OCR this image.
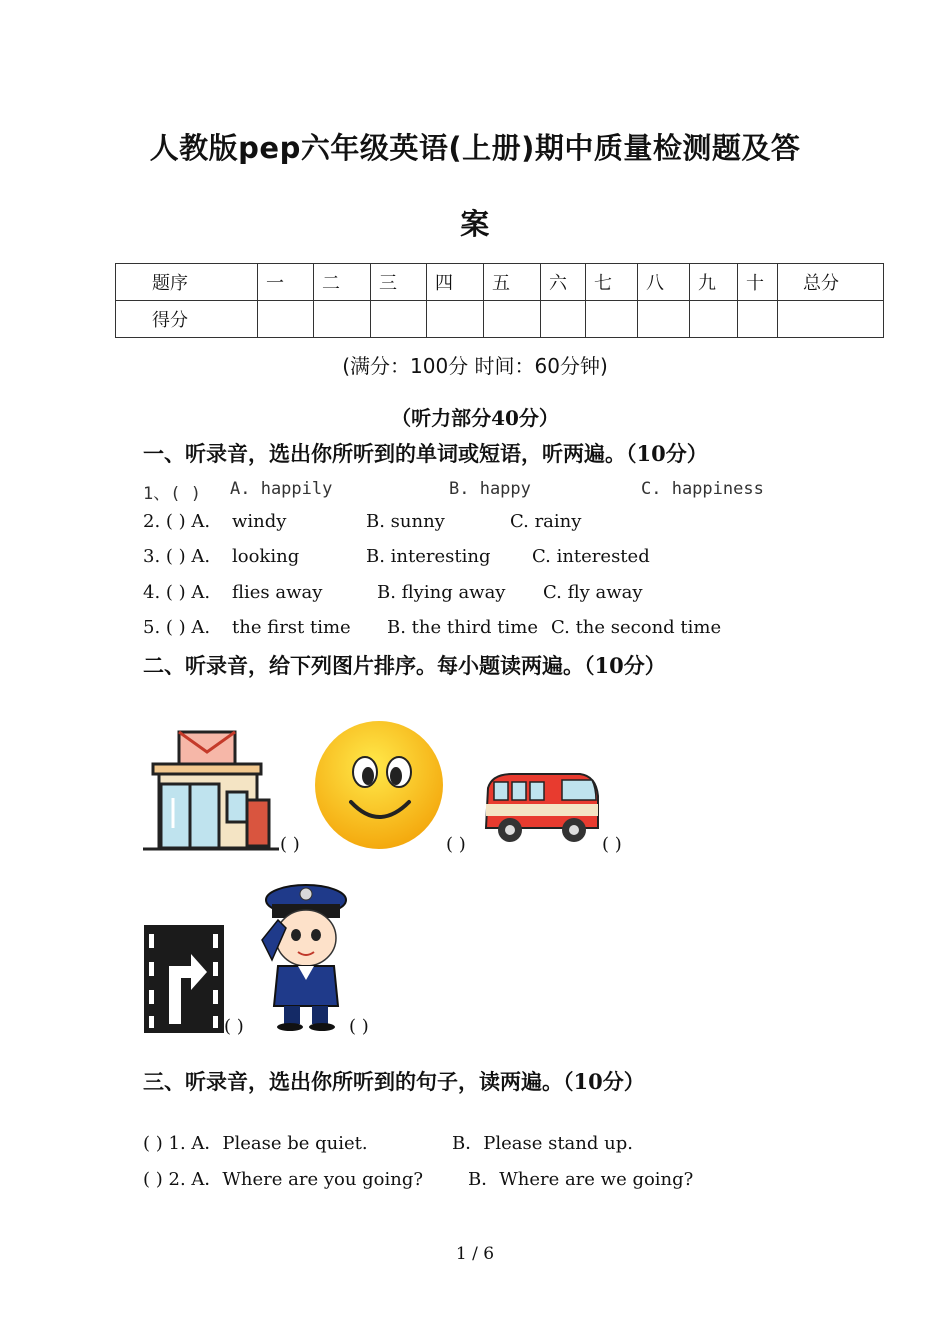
人教版pep六年级英语(上册)期中质量检测题及答
案
题序	一	二	三	四	五	六	七	八	九	十	总分
得分											
(满分：100分 时间：60分钟)
（听力部分40分）
一、听录音，选出你所听到的单词或短语，听两遍。（10分）
1、( ) A. happily	B. happy	C. happiness
2. ( ) A. windy	B. sunny	C. rainy
3. ( ) A. looking	B. interesting C. interested
4. ( ) A. flies away	B. flying away C. fly away
5. ( ) A. the first time B. the third time C. the second time
二、听录音，给下列图片排序。每小题读两遍。（10分）
( )	( )	( )
( )	( )
三、听录音，选出你所听到的句子，读两遍。（10分）
( ) 1. A．Please be quiet.	B．Please stand up.
( ) 2. A．Where are you going? B．Where are we going?
1 / 6
